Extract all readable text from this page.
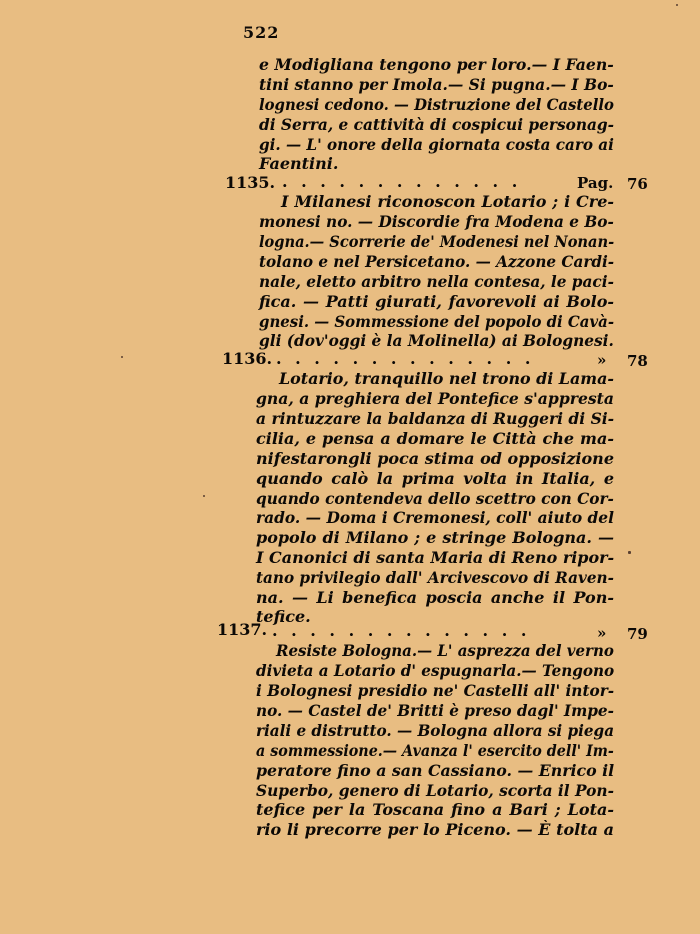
522
e Modigliana tengono per loro.— I Faen-
tini stanno per Imola.— Si pugna.— I Bo-
lognesi cedono. — Distruzione del Castello
di Serra, e cattività di cospicui personag-
gi. — L' onore della giornata costa caro ai
Faentini.
1135. . . . . . . . . . . . . .	Pag. 76
I Milanesi riconoscon Lotario ; i Cre-
monesi no. — Discordie fra Modena e Bo-
logna.— Scorrerie de' Modenesi nel Nonan-
tolano e nel Persicetano. — Azzone Cardi-
nale, eletto arbitro nella contesa, le paci-
fica. — Patti giurati, favorevoli ai Bolo-
gnesi. — Sommessione del popolo di Cavà-
gli (dov'oggi è la Molinella) ai Bolognesi.
1136. . . . . . . . . . . . . . .	» 78
Lotario, tranquillo nel trono di Lama-
gna, a preghiera del Pontefice s'appresta
a rintuzzare la baldanza di Ruggeri di Si-
cilia, e pensa a domare le Città che ma-
nifestarongli poca stima od opposizione
quando calò la prima volta in Italia, e
quando contendeva dello scettro con Cor-
rado. — Doma i Cremonesi, coll' aiuto del
popolo di Milano ; e stringe Bologna. —
I Canonici di santa Maria di Reno ripor-
tano privilegio dall' Arcivescovo di Raven-
na. — Li benefica poscia anche il Pon-
tefice.
1137. . . . . . . . . . . . . . .	» 79
Resiste Bologna.— L' asprezza del verno
divieta a Lotario d' espugnarla.— Tengono
i Bolognesi presidio ne' Castelli all' intor-
no. — Castel de' Britti è preso dagl' Impe-
riali e distrutto. — Bologna allora si piega
a sommessione.— Avanza l' esercito dell' Im-
peratore fino a san Cassiano. — Enrico il
Superbo, genero di Lotario, scorta il Pon-
tefice per la Toscana fino a Bari ; Lota-
rio li precorre per lo Piceno. — È tolta a
